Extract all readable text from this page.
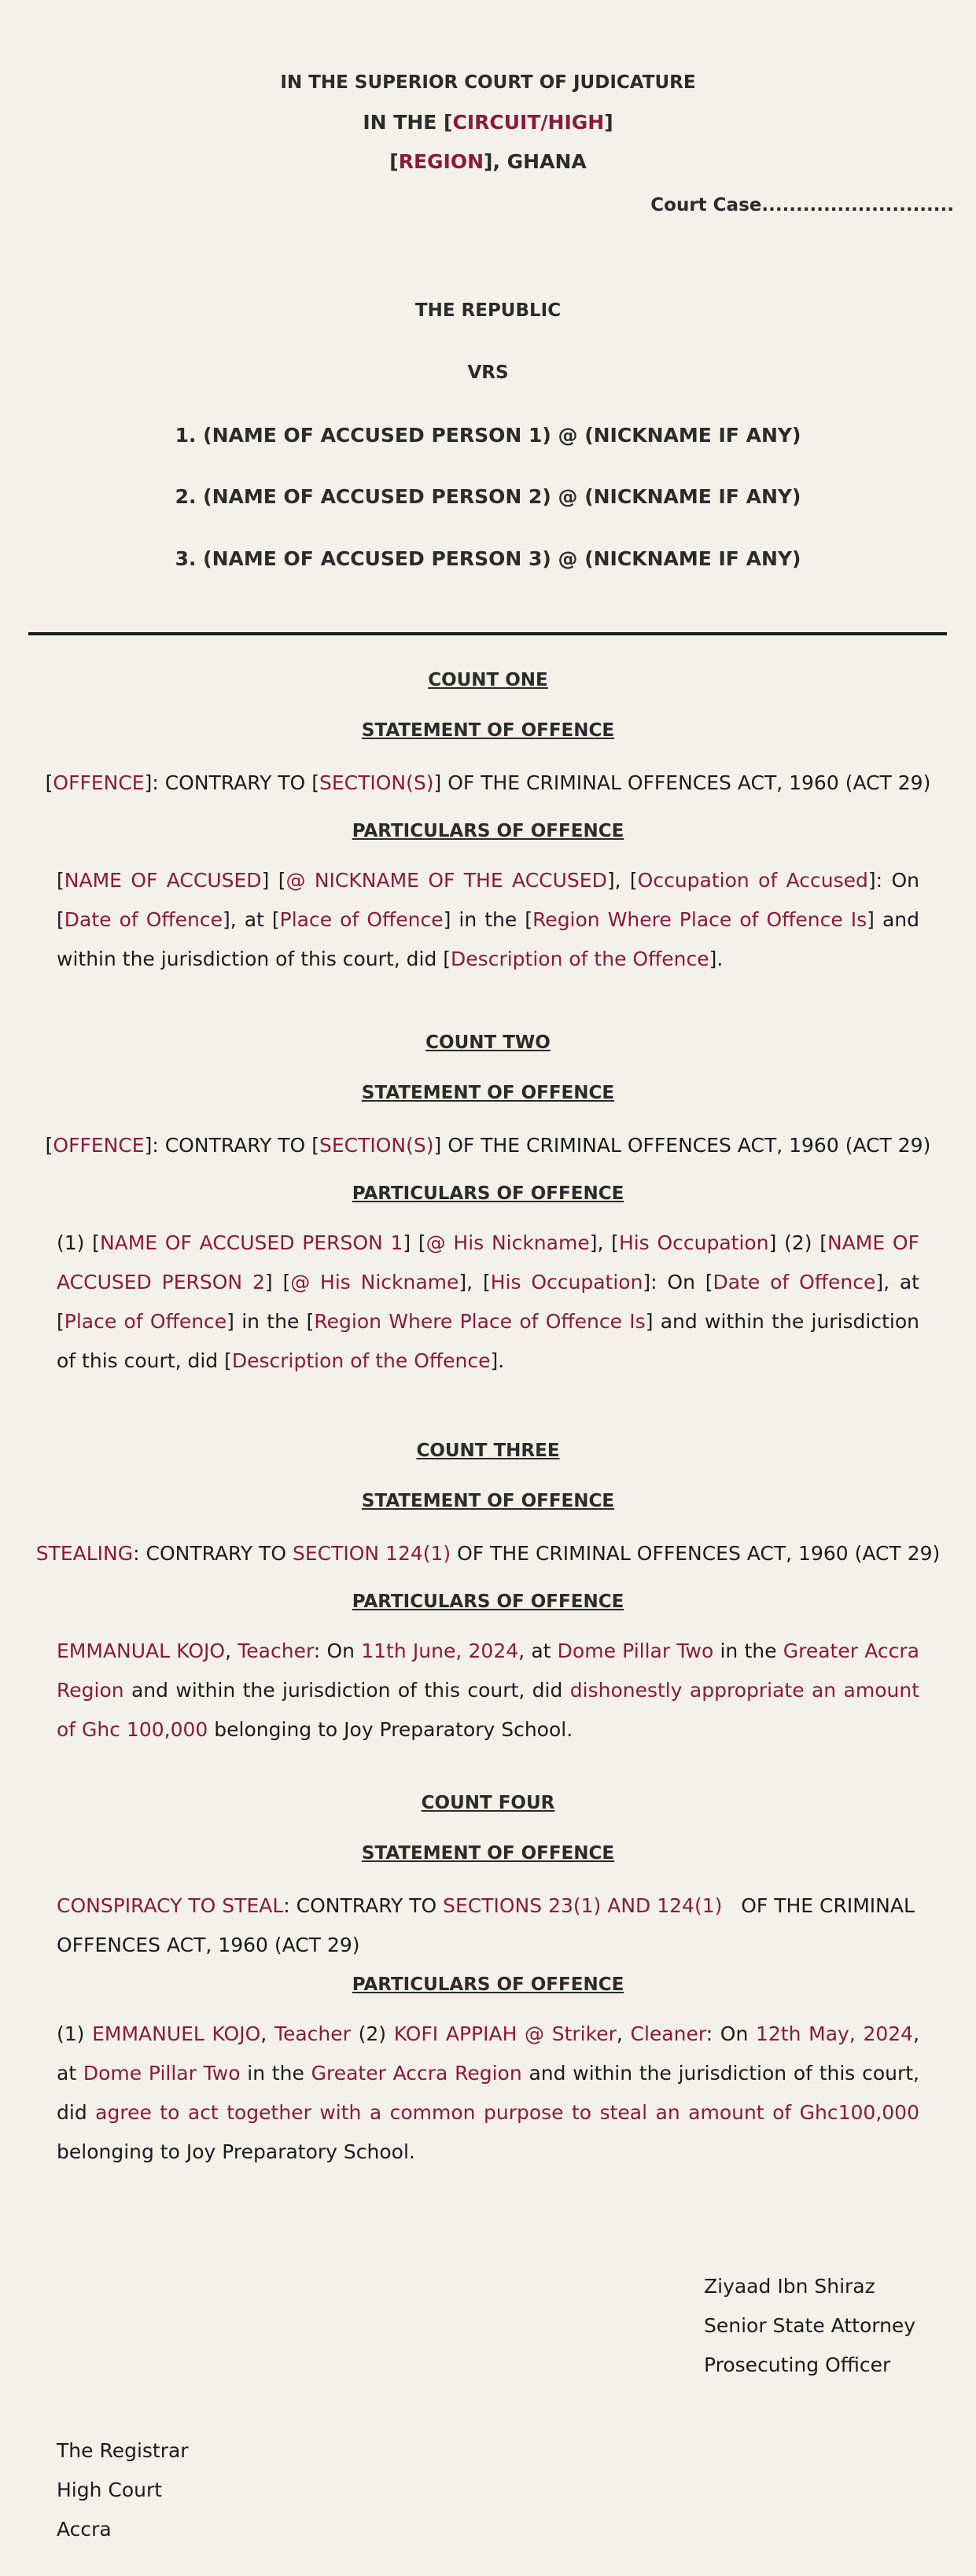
IN THE SUPERIOR COURT OF JUDICATURE
IN THE [CIRCUIT/HIGH]
[REGION], GHANA
Court Case............................
THE REPUBLIC
VRS
1. (NAME OF ACCUSED PERSON 1) @ (NICKNAME IF ANY)
2. (NAME OF ACCUSED PERSON 2) @ (NICKNAME IF ANY)
3. (NAME OF ACCUSED PERSON 3) @ (NICKNAME IF ANY)
COUNT ONE
STATEMENT OF OFFENCE
[OFFENCE]: CONTRARY TO [SECTION(S)] OF THE CRIMINAL OFFENCES ACT, 1960 (ACT 29)
PARTICULARS OF OFFENCE
[NAME OF ACCUSED] [@ NICKNAME OF THE ACCUSED], [Occupation of Accused]: On [Date of Offence], at [Place of Offence] in the [Region Where Place of Offence Is] and within the jurisdiction of this court, did [Description of the Offence].
COUNT TWO
STATEMENT OF OFFENCE
[OFFENCE]: CONTRARY TO [SECTION(S)] OF THE CRIMINAL OFFENCES ACT, 1960 (ACT 29)
PARTICULARS OF OFFENCE
(1) [NAME OF ACCUSED PERSON 1] [@ His Nickname], [His Occupation] (2) [NAME OF ACCUSED PERSON 2] [@ His Nickname], [His Occupation]: On [Date of Offence], at [Place of Offence] in the [Region Where Place of Offence Is] and within the jurisdiction of this court, did [Description of the Offence].
COUNT THREE
STATEMENT OF OFFENCE
STEALING: CONTRARY TO SECTION 124(1) OF THE CRIMINAL OFFENCES ACT, 1960 (ACT 29)
PARTICULARS OF OFFENCE
EMMANUAL KOJO, Teacher: On 11th June, 2024, at Dome Pillar Two in the Greater Accra Region and within the jurisdiction of this court, did dishonestly appropriate an amount of Ghc 100,000 belonging to Joy Preparatory School.
COUNT FOUR
STATEMENT OF OFFENCE
CONSPIRACY TO STEAL: CONTRARY TO SECTIONS 23(1) AND 124(1) OF THE CRIMINAL
OFFENCES ACT, 1960 (ACT 29)
PARTICULARS OF OFFENCE
(1) EMMANUEL KOJO, Teacher (2) KOFI APPIAH @ Striker, Cleaner: On 12th May, 2024, at Dome Pillar Two in the Greater Accra Region and within the jurisdiction of this court, did agree to act together with a common purpose to steal an amount of Ghc100,000 belonging to Joy Preparatory School.
Ziyaad Ibn Shiraz
Senior State Attorney
Prosecuting Officer
The Registrar
High Court
Accra
